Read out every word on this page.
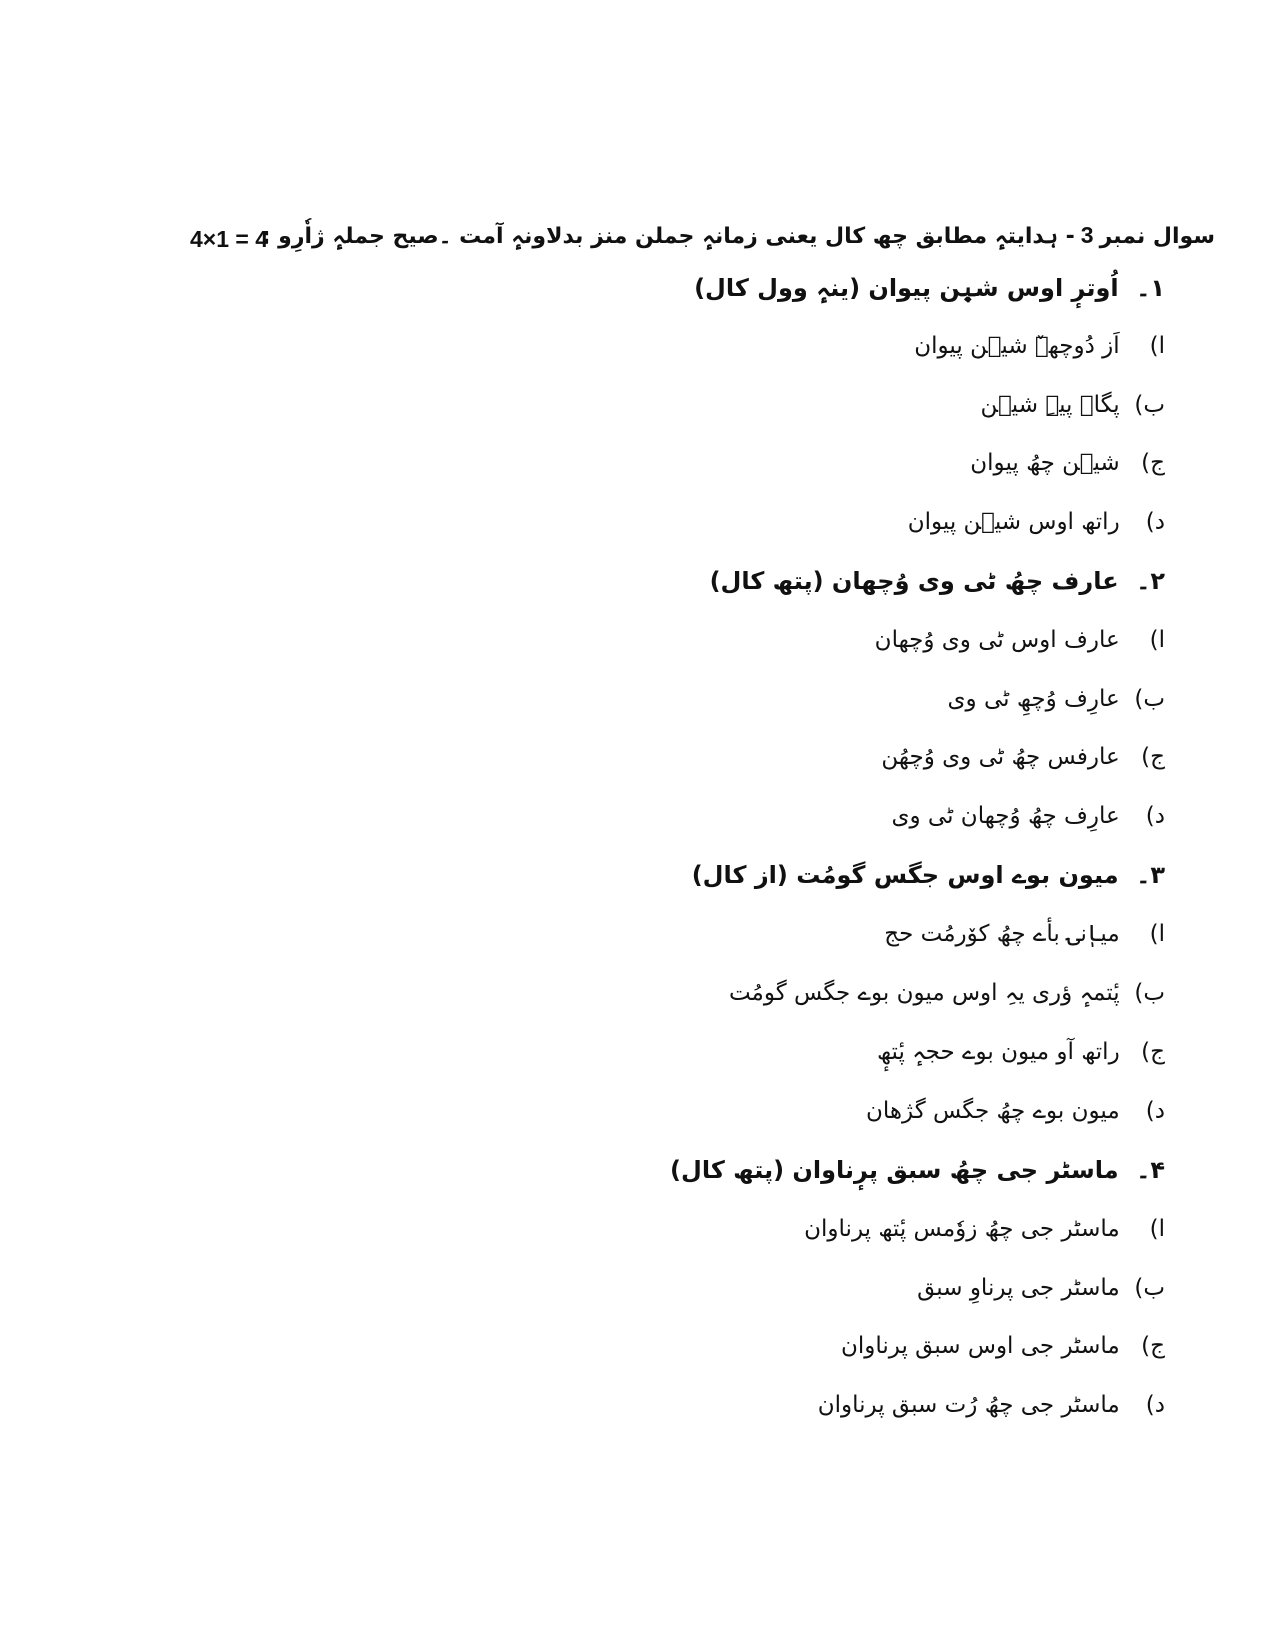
4×1 = 4	سوال نمبر3- ہدایتہٕ مطابق چھ کال یعنی زمانہٕ جملن منز بدلاونہٕ آمت ۔صیح جملہٕ ژاٗرِو :
۱۔ اُوترٕ اوس شیٖن پیوان (ینہٕ وول کال)
ا) اَز دُوچھےٚ شیٖن پیوان
ب) پگاہ پیہِ شیٖن
ج) شیٖن چھُ پیوان
د) راتھ اوس شیٖن پیوان
۲۔ عارف چھُ ٹی وی وُچھان (پتھ کال)
ا) عارف اوس ٹی وی وُچھان
ب) عارِف وُچھِ ٹی وی
ج) عارفس چھُ ٹی وی وُچھُن
د) عارِف چھُ وُچھان ٹی وی
۳۔ میون بوے اوس جگس گومُت (از کال)
ا) میاٖنۍ بأے چھُ کوٚرمُت حج
ب) پٔتمہٕ ؤری یہِ اوس میون بوے جگس گومُت
ج) راتھ آو میون بوے حجہٕ پٔتھٕ
د) میون بوے چھُ جگس گژھان
۴۔ ماسٹر جی چھُ سبق پرٕناوان (پتھ کال)
ا) ماسٹر جی چھُ زوٗمس پٔتھ پرناوان
ب) ماسٹر جی پرناوِ سبق
ج) ماسٹر جی اوس سبق پرناوان
د) ماسٹر جی چھُ رُت سبق پرناوان
